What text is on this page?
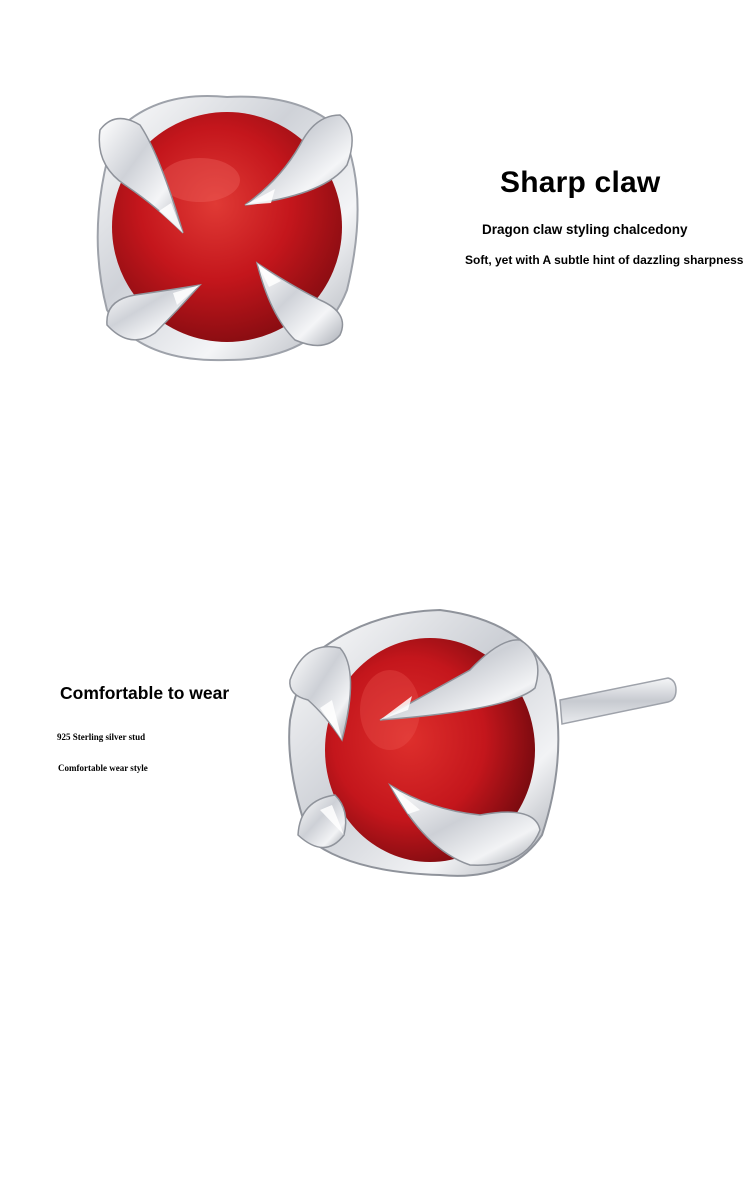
Sharp claw
Dragon claw styling chalcedony
Soft, yet with A subtle hint of dazzling sharpness
Comfortable to wear
925 Sterling silver stud
Comfortable wear style
